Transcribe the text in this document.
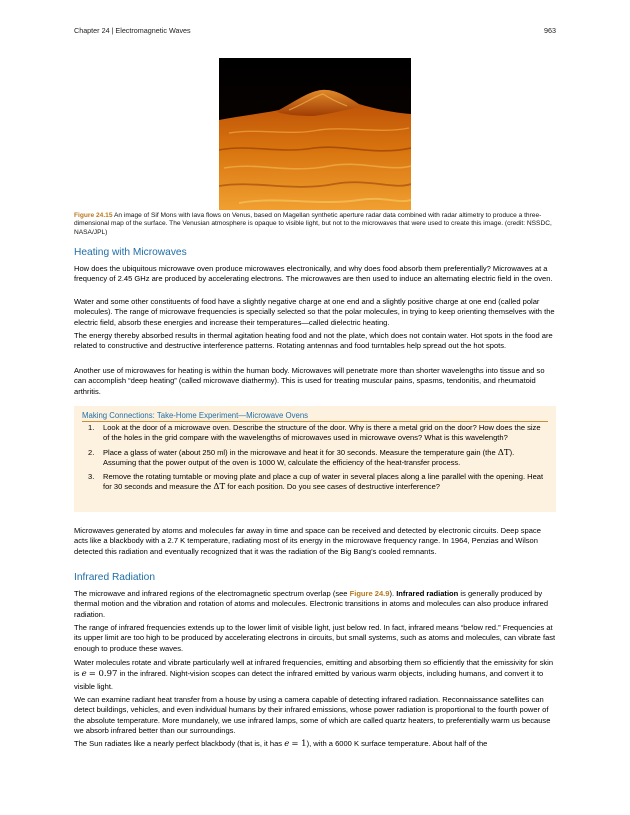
Chapter 24 | Electromagnetic Waves	963
Figure 24.15 An image of Sif Mons with lava flows on Venus, based on Magellan synthetic aperture radar data combined with radar altimetry to produce a three-dimensional map of the surface. The Venusian atmosphere is opaque to visible light, but not to the microwaves that were used to create this image. (credit: NSSDC, NASA/JPL)
Heating with Microwaves

How does the ubiquitous microwave oven produce microwaves electronically, and why does food absorb them preferentially? Microwaves at a frequency of 2.45 GHz are produced by accelerating electrons. The microwaves are then used to induce an alternating electric field in the oven.

Water and some other constituents of food have a slightly negative charge at one end and a slightly positive charge at one end (called polar molecules). The range of microwave frequencies is specially selected so that the polar molecules, in trying to keep orienting themselves with the electric field, absorb these energies and increase their temperatures—called dielectric heating.

The energy thereby absorbed results in thermal agitation heating food and not the plate, which does not contain water. Hot spots in the food are related to constructive and destructive interference patterns. Rotating antennas and food turntables help spread out the hot spots.

Another use of microwaves for heating is within the human body. Microwaves will penetrate more than shorter wavelengths into tissue and so can accomplish “deep heating” (called microwave diathermy). This is used for treating muscular pains, spasms, tendonitis, and rheumatoid arthritis.

Making Connections: Take-Home Experiment—Microwave Ovens
1. Look at the door of a microwave oven. Describe the structure of the door. Why is there a metal grid on the door? How does the size of the holes in the grid compare with the wavelengths of microwaves used in microwave ovens? What is this wavelength?
2. Place a glass of water (about 250 ml) in the microwave and heat it for 30 seconds. Measure the temperature gain (the ΔT). Assuming that the power output of the oven is 1000 W, calculate the efficiency of the heat-transfer process.
3. Remove the rotating turntable or moving plate and place a cup of water in several places along a line parallel with the opening. Heat for 30 seconds and measure the ΔT for each position. Do you see cases of destructive interference?

Microwaves generated by atoms and molecules far away in time and space can be received and detected by electronic circuits. Deep space acts like a blackbody with a 2.7 K temperature, radiating most of its energy in the microwave frequency range. In 1964, Penzias and Wilson detected this radiation and eventually recognized that it was the radiation of the Big Bang’s cooled remnants.

Infrared Radiation

The microwave and infrared regions of the electromagnetic spectrum overlap (see Figure 24.9). Infrared radiation is generally produced by thermal motion and the vibration and rotation of atoms and molecules. Electronic transitions in atoms and molecules can also produce infrared radiation.

The range of infrared frequencies extends up to the lower limit of visible light, just below red. In fact, infrared means “below red.” Frequencies at its upper limit are too high to be produced by accelerating electrons in circuits, but small systems, such as atoms and molecules, can vibrate fast enough to produce these waves.

Water molecules rotate and vibrate particularly well at infrared frequencies, emitting and absorbing them so efficiently that the emissivity for skin is e = 0.97 in the infrared. Night-vision scopes can detect the infrared emitted by various warm objects, including humans, and convert it to visible light.

We can examine radiant heat transfer from a house by using a camera capable of detecting infrared radiation. Reconnaissance satellites can detect buildings, vehicles, and even individual humans by their infrared emissions, whose power radiation is proportional to the fourth power of the absolute temperature. More mundanely, we use infrared lamps, some of which are called quartz heaters, to preferentially warm us because we absorb infrared better than our surroundings.

The Sun radiates like a nearly perfect blackbody (that is, it has e = 1), with a 6000 K surface temperature. About half of the
